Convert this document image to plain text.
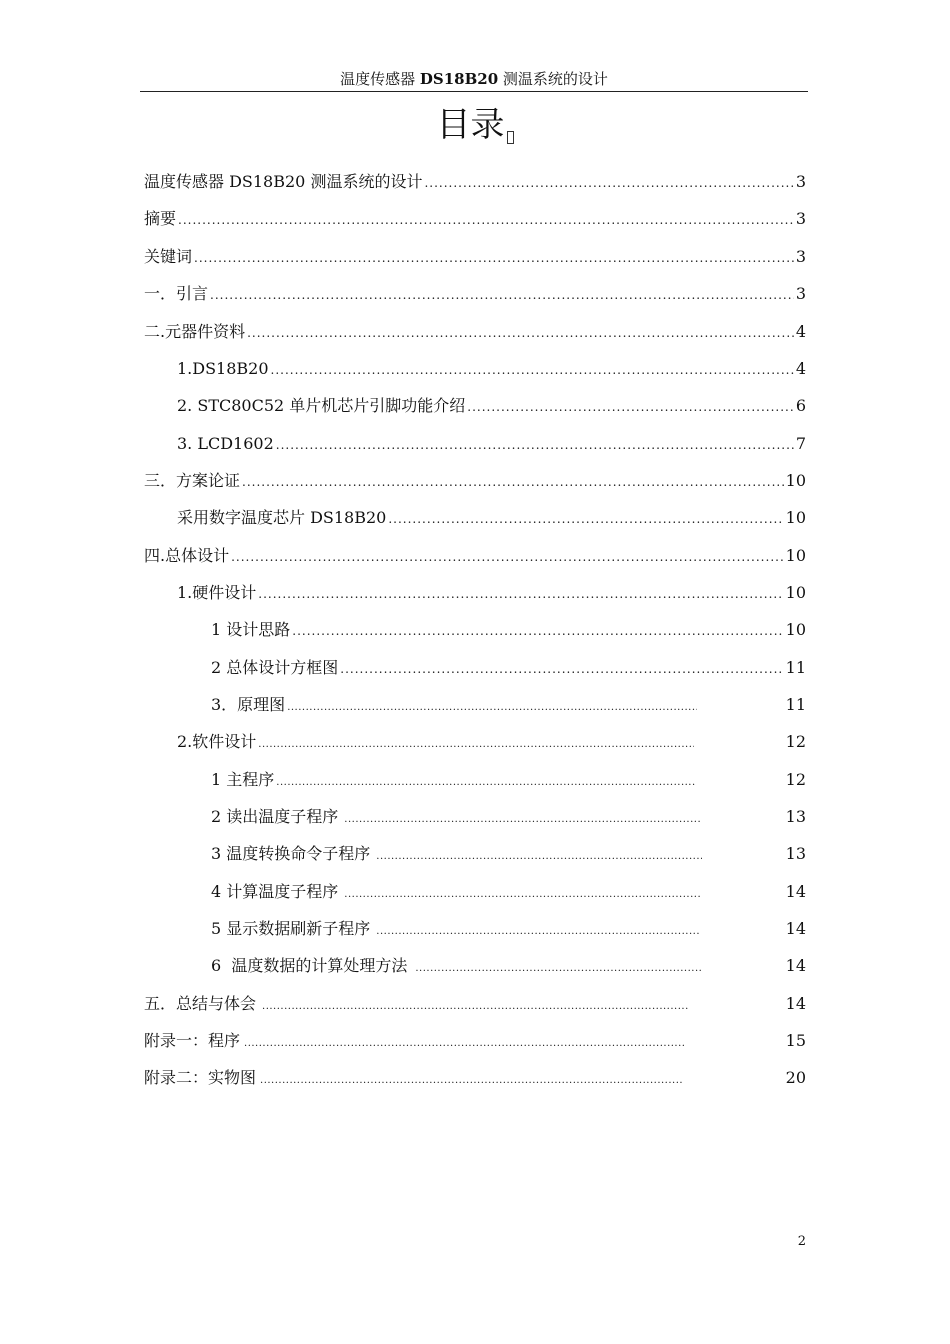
温度传感器 DS18B20 测温系统的设计
目录
温度传感器 DS18B20 测温系统的设计 .....	3
摘要 .....	3
关键词 .....	3
一．引言 .....	3
二.元器件资料 .....	4
1.DS18B20 .....	4
2. STC80C52 单片机芯片引脚功能介绍 .....	6
3. LCD1602 .....	7
三．方案论证 .....	10
采用数字温度芯片 DS18B20 .....	10
四.总体设计 .....	10
1.硬件设计 .....	10
1 设计思路 .....	10
2 总体设计方框图 .....	11
3．原理图 .....	11
2.软件设计 .....	12
1 主程序 .....	12
2 读出温度子程序 .....	13
3 温度转换命令子程序 .....	13
4 计算温度子程序 .....	14
5 显示数据刷新子程序 .....	14
6  温度数据的计算处理方法 .....	14
五．总结与体会 .....	14
附录一：程序 .....	15
附录二：实物图 .....	20
2
